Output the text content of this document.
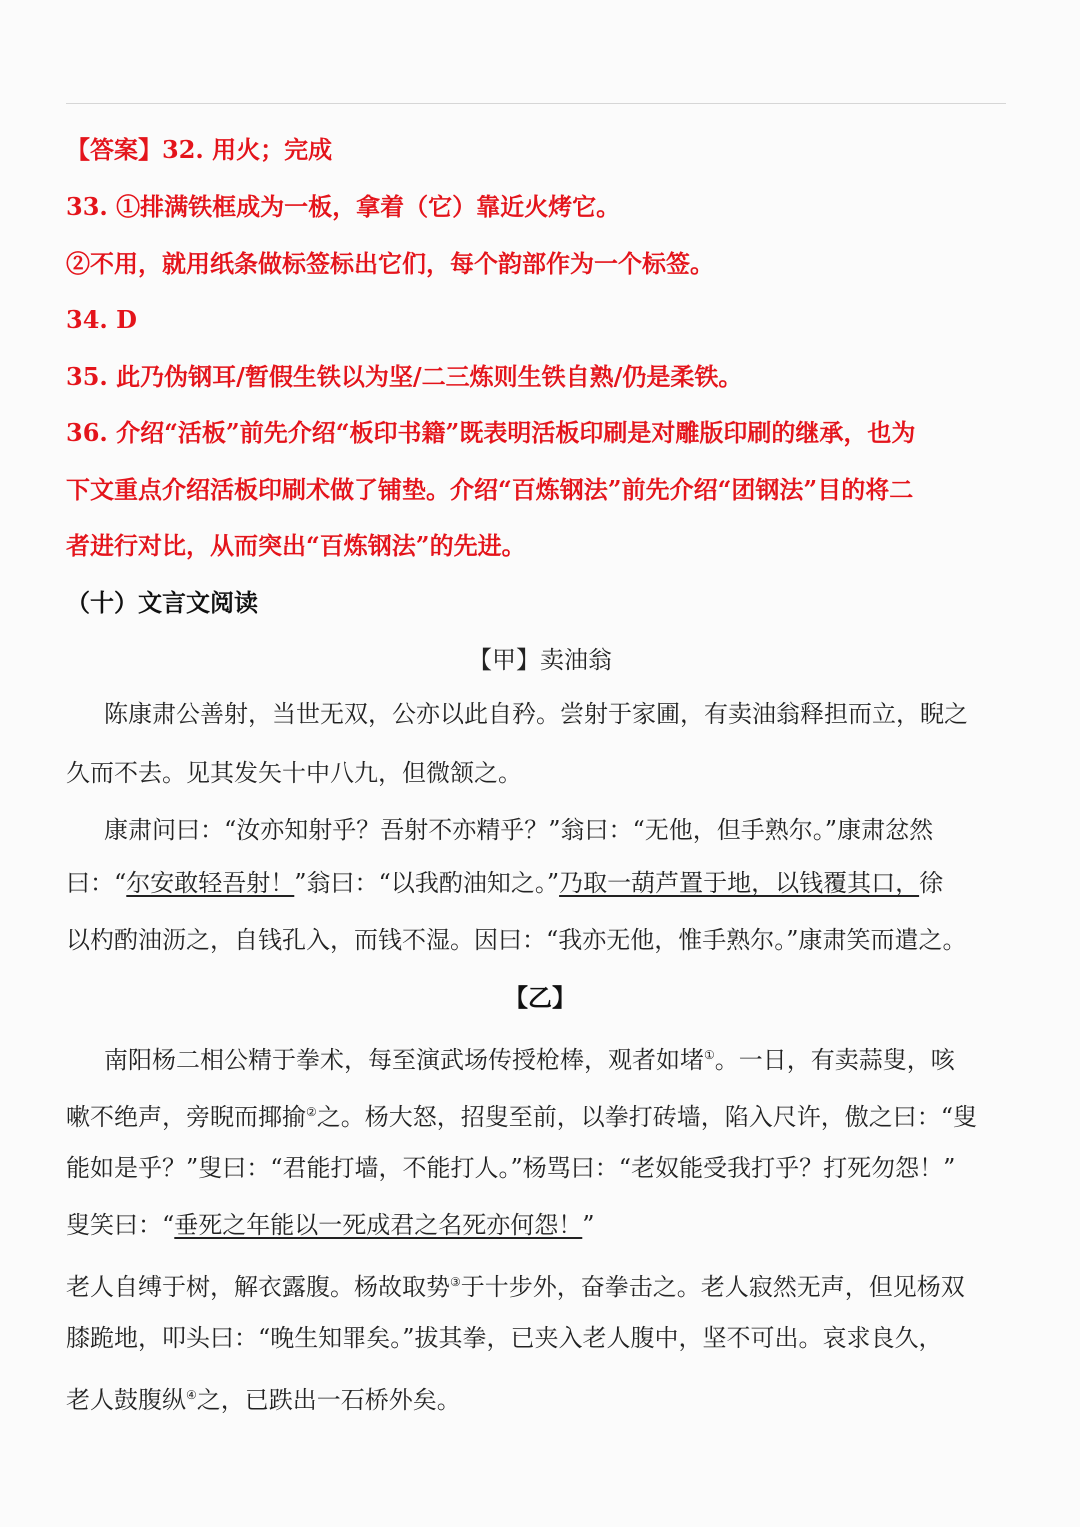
【答案】32. 用火；完成
33. ①排满铁框成为一板，拿着（它）靠近火烤它。
②不用，就用纸条做标签标出它们，每个韵部作为一个标签。
34. D
35. 此乃伪钢耳/暂假生铁以为坚/二三炼则生铁自熟/仍是柔铁。
36. 介绍“活板”前先介绍“板印书籍”既表明活板印刷是对雕版印刷的继承，也为
下文重点介绍活板印刷术做了铺垫。介绍“百炼钢法”前先介绍“团钢法”目的将二
者进行对比，从而突出“百炼钢法”的先进。
（十）文言文阅读
【甲】卖油翁
陈康肃公善射，当世无双，公亦以此自矜。尝射于家圃，有卖油翁释担而立，睨之
久而不去。见其发矢十中八九，但微颔之。
康肃问曰：“汝亦知射乎？吾射不亦精乎？”翁曰：“无他，但手熟尔。”康肃忿然
曰：“尔安敢轻吾射！”翁曰：“以我酌油知之。”乃取一葫芦置于地，以钱覆其口，徐
以杓酌油沥之，自钱孔入，而钱不湿。因曰：“我亦无他，惟手熟尔。”康肃笑而遣之。
【乙】
南阳杨二相公精于拳术，每至演武场传授枪棒，观者如堵①。一日，有卖蒜叟，咳
嗽不绝声，旁睨而揶揄②之。杨大怒，招叟至前，以拳打砖墙，陷入尺许，傲之曰：“叟
能如是乎？”叟曰：“君能打墙，不能打人。”杨骂曰：“老奴能受我打乎？打死勿怨！”
叟笑曰：“垂死之年能以一死成君之名死亦何怨！”
老人自缚于树，解衣露腹。杨故取势③于十步外，奋拳击之。老人寂然无声，但见杨双
膝跪地，叩头曰：“晚生知罪矣。”拔其拳，已夹入老人腹中，坚不可出。哀求良久，
老人鼓腹纵④之，已跌出一石桥外矣。
